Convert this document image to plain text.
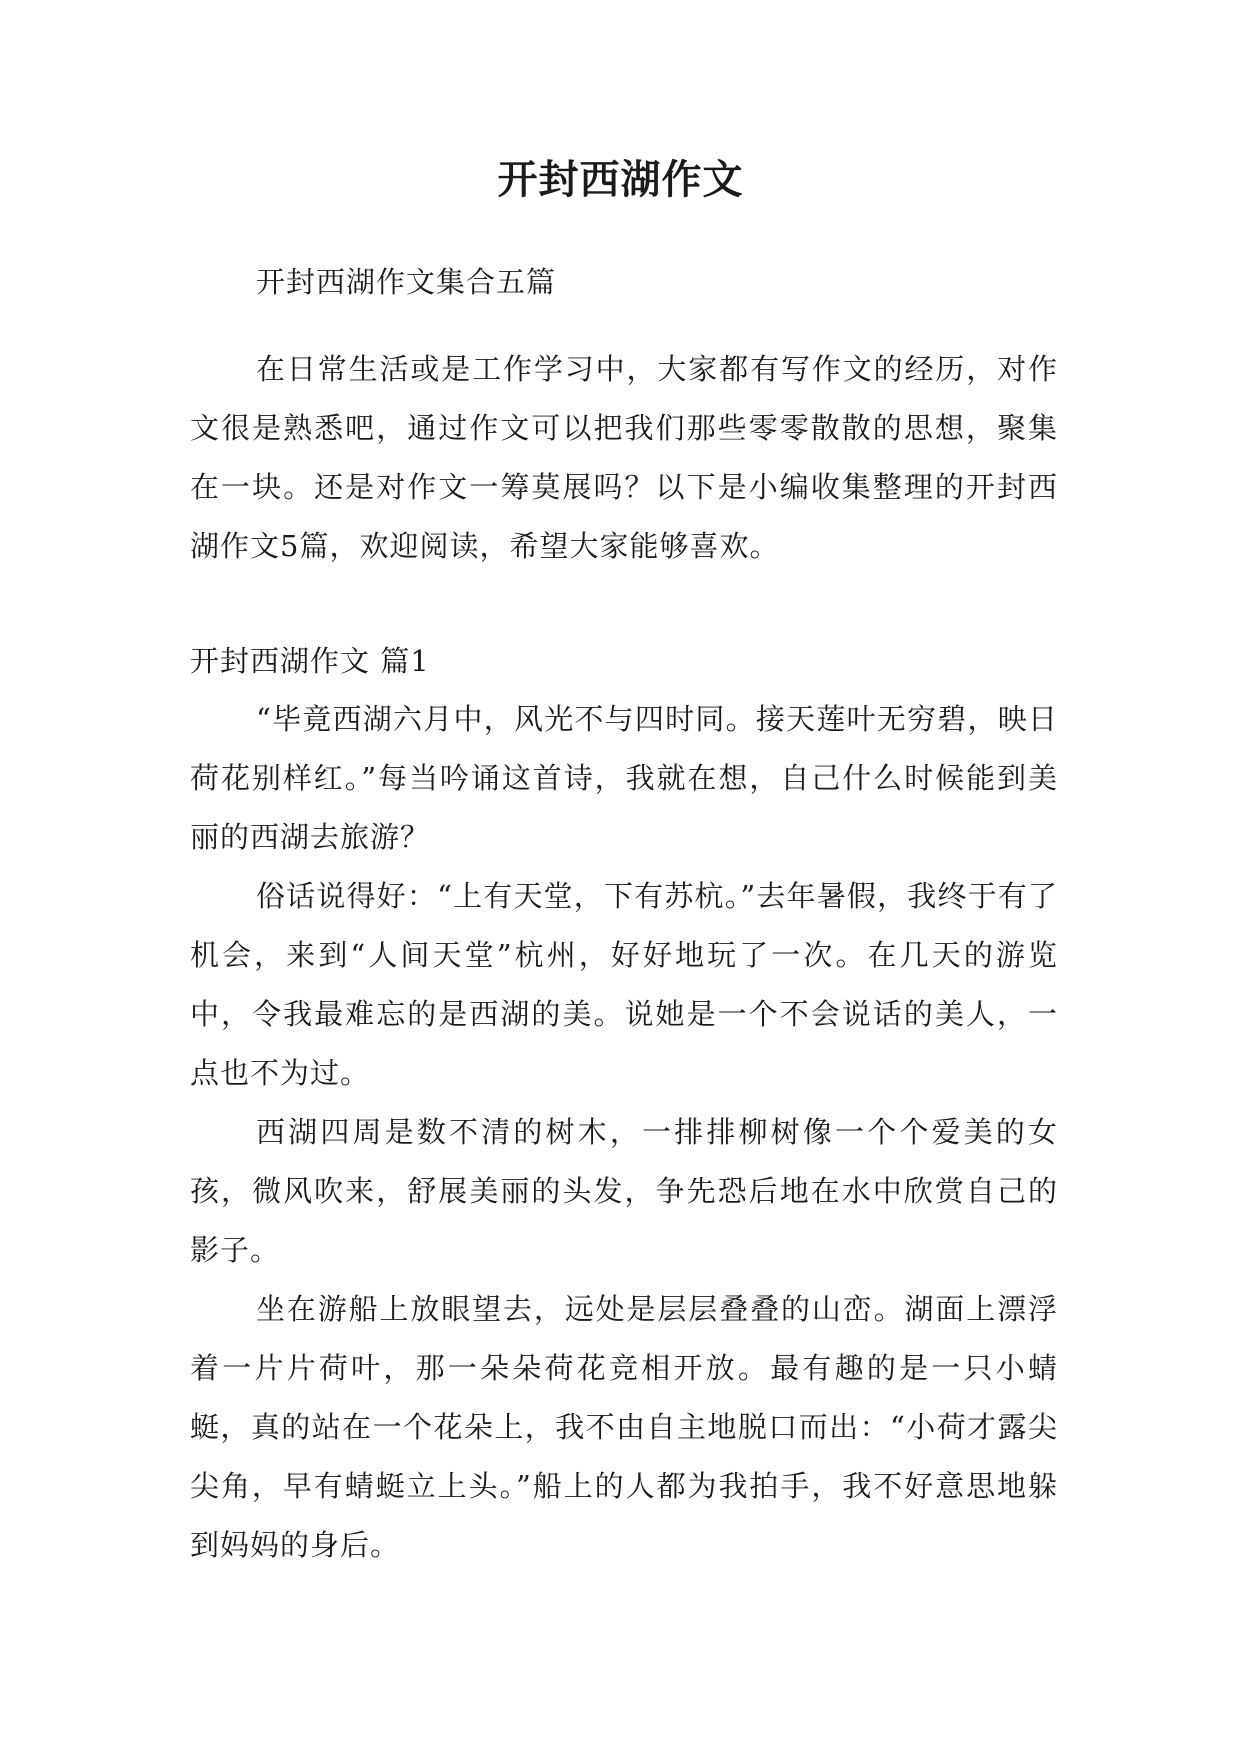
开封西湖作文
开封西湖作文集合五篇
在日常生活或是工作学习中，大家都有写作文的经历，对作文很是熟悉吧，通过作文可以把我们那些零零散散的思想，聚集在一块。还是对作文一筹莫展吗？以下是小编收集整理的开封西湖作文5篇，欢迎阅读，希望大家能够喜欢。
开封西湖作文 篇1

“毕竟西湖六月中，风光不与四时同。接天莲叶无穷碧，映日荷花别样红。”每当吟诵这首诗，我就在想，自己什么时候能到美丽的西湖去旅游？

俗话说得好：“上有天堂，下有苏杭。”去年暑假，我终于有了机会，来到“人间天堂”杭州，好好地玩了一次。在几天的游览中，令我最难忘的是西湖的美。说她是一个不会说话的美人，一点也不为过。

西湖四周是数不清的树木，一排排柳树像一个个爱美的女孩，微风吹来，舒展美丽的头发，争先恐后地在水中欣赏自己的影子。

坐在游船上放眼望去，远处是层层叠叠的山峦。湖面上漂浮着一片片荷叶，那一朵朵荷花竞相开放。最有趣的是一只小蜻蜓，真的站在一个花朵上，我不由自主地脱口而出：“小荷才露尖尖角，早有蜻蜓立上头。”船上的人都为我拍手，我不好意思地躲到妈妈的身后。
